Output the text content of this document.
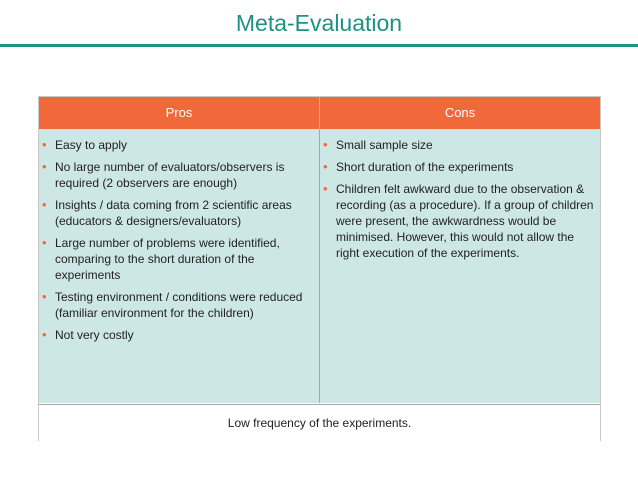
Meta-Evaluation
Pros	Cons
• Easy to apply
• No large number of evaluators/observers is required (2 observers are enough)
• Insights / data coming from 2 scientific areas (educators & designers/evaluators)
• Large number of problems were identified, comparing to the short duration of the experiments
• Testing environment / conditions were reduced (familiar environment for the children)
• Not very costly
• Small sample size
• Short duration of the experiments
• Children felt awkward due to the observation & recording (as a procedure). If a group of children were present, the awkwardness would be minimised. However, this would not allow the right execution of the experiments.
Low frequency of the experiments.
